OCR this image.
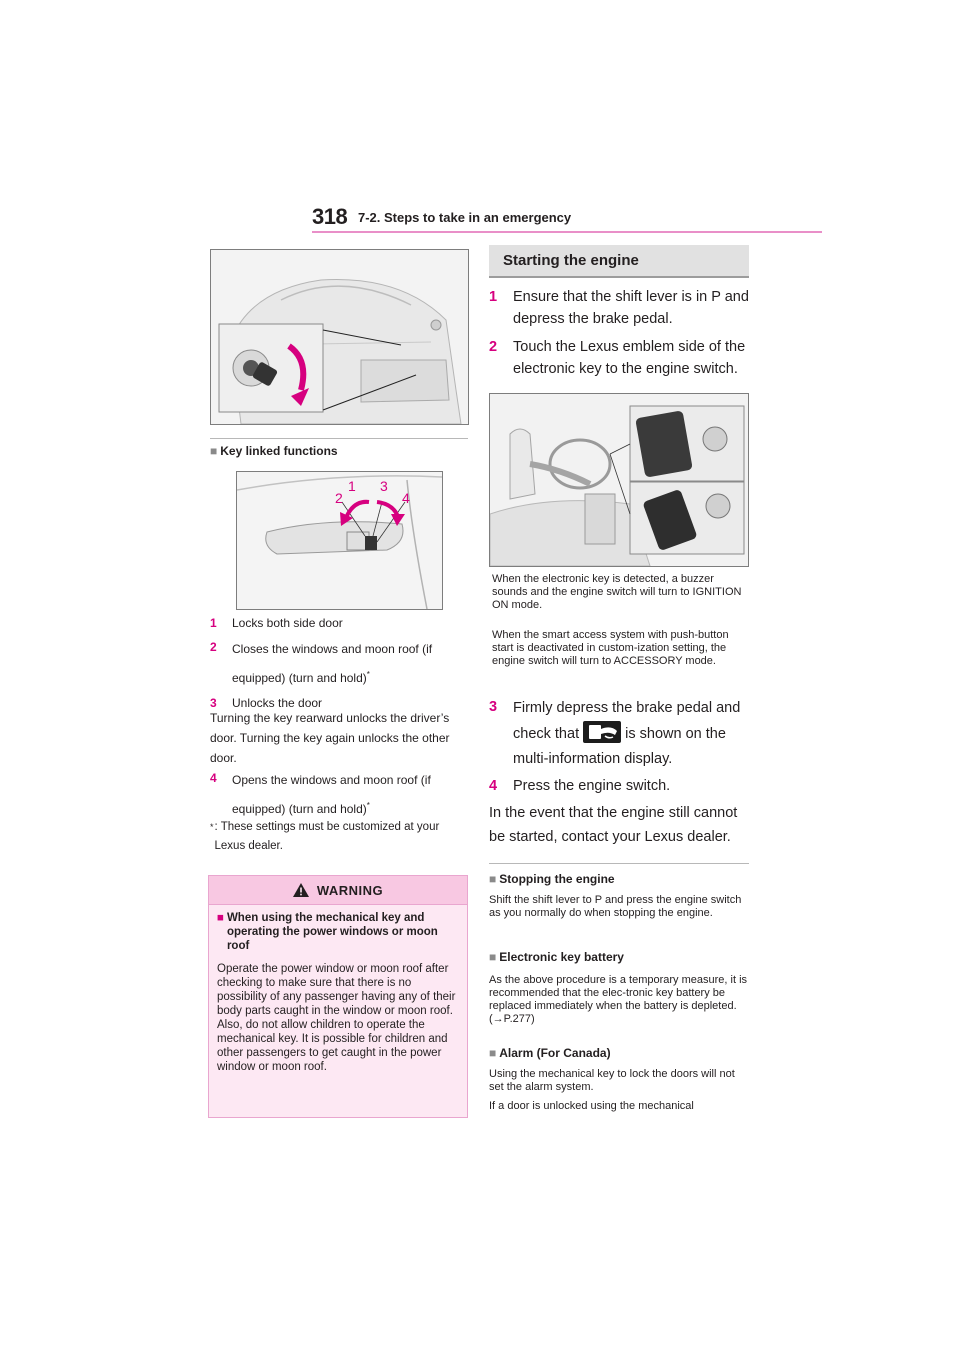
318 7-2. Steps to take in an emergency
■ Key linked functions
1
2
3
4
1 Locks both side door
2	Closes the windows and moon roof (if equipped) (turn and hold)*
3 Unlocks the door
Turning the key rearward unlocks the driver’s door. Turning the key again unlocks the other door.
4	Opens the windows and moon roof (if equipped) (turn and hold)*
* : These settings must be customized at your Lexus dealer.
WARNING
■ When using the mechanical key and operating the power windows or moon roof
Operate the power window or moon roof after checking to make sure that there is no possibility of any passenger having any of their body parts caught in the window or moon roof.
Also, do not allow children to operate the mechanical key. It is possible for children and other passengers to get caught in the power window or moon roof.
Starting the engine
1	Ensure that the shift lever is in P and depress the brake pedal.
2	Touch the Lexus emblem side of the electronic key to the engine switch.
When the electronic key is detected, a buzzer sounds and the engine switch will turn to IGNITION ON mode.
When the smart access system with push-button start is deactivated in custom-ization setting, the engine switch will turn to ACCESSORY mode.
3	Firmly depress the brake pedal and check that	is shown on the multi-information display.
4	Press the engine switch.
In the event that the engine still cannot be started, contact your Lexus dealer.
■ Stopping the engine
Shift the shift lever to P and press the engine switch as you normally do when stopping the engine.
■ Electronic key battery
As the above procedure is a temporary measure, it is recommended that the elec-tronic key battery be replaced immediately when the battery is depleted. (→P.277)
■ Alarm (For Canada)
Using the mechanical key to lock the doors will not set the alarm system.
If a door is unlocked using the mechanical
